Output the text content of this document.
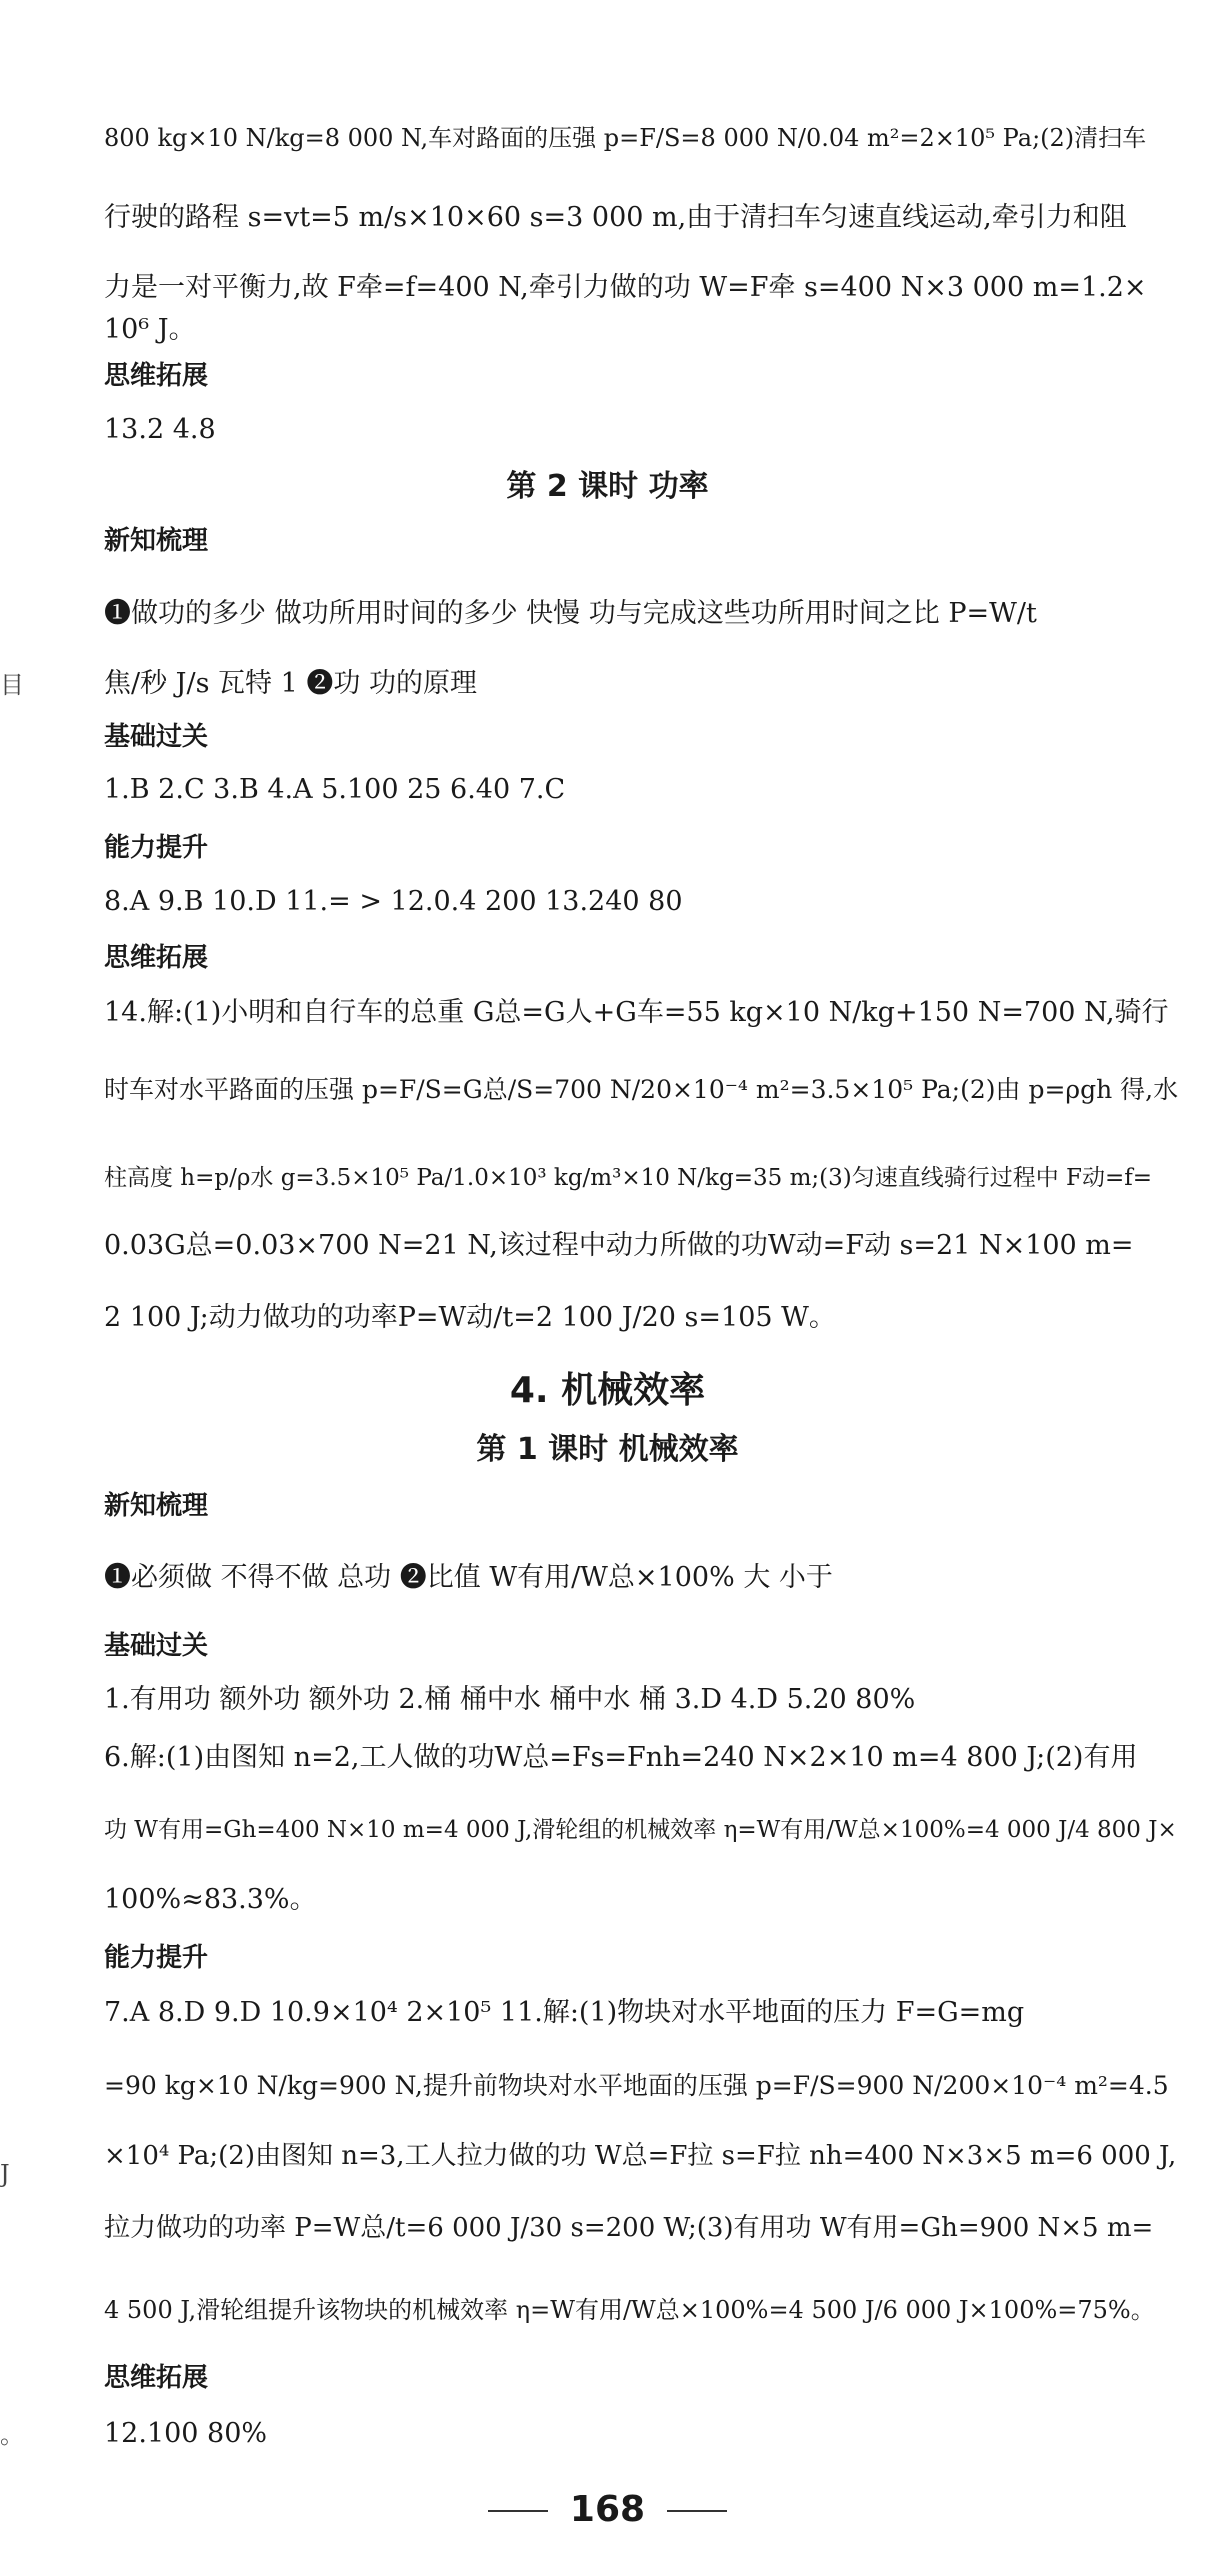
800 kg×10 N/kg=8 000 N,车对路面的压强 p=F/S=8 000 N/0.04 m²=2×10⁵ Pa;(2)清扫车
行驶的路程 s=vt=5 m/s×10×60 s=3 000 m,由于清扫车匀速直线运动,牵引力和阻
力是一对平衡力,故 F牵=f=400 N,牵引力做的功 W=F牵 s=400 N×3 000 m=1.2×
10⁶ J。
思维拓展
13.2 4.8
第 2 课时 功率
新知梳理
❶做功的多少 做功所用时间的多少 快慢 功与完成这些功所用时间之比 P=W/t
焦/秒 J/s 瓦特 1 ❷功 功的原理
基础过关
1.B 2.C 3.B 4.A 5.100 25 6.40 7.C
能力提升
8.A 9.B 10.D 11.= > 12.0.4 200 13.240 80
思维拓展
14.解:(1)小明和自行车的总重 G总=G人+G车=55 kg×10 N/kg+150 N=700 N,骑行
时车对水平路面的压强 p=F/S=G总/S=700 N/20×10⁻⁴ m²=3.5×10⁵ Pa;(2)由 p=ρgh 得,水
柱高度 h=p/ρ水 g=3.5×10⁵ Pa/1.0×10³ kg/m³×10 N/kg=35 m;(3)匀速直线骑行过程中 F动=f=
0.03G总=0.03×700 N=21 N,该过程中动力所做的功W动=F动 s=21 N×100 m=
2 100 J;动力做功的功率P=W动/t=2 100 J/20 s=105 W。
4. 机械效率
第 1 课时 机械效率
新知梳理
❶必须做 不得不做 总功 ❷比值 W有用/W总×100% 大 小于
基础过关
1.有用功 额外功 额外功 2.桶 桶中水 桶中水 桶 3.D 4.D 5.20 80%
6.解:(1)由图知 n=2,工人做的功W总=Fs=Fnh=240 N×2×10 m=4 800 J;(2)有用
功 W有用=Gh=400 N×10 m=4 000 J,滑轮组的机械效率 η=W有用/W总×100%=4 000 J/4 800 J×
100%≈83.3%。
能力提升
7.A 8.D 9.D 10.9×10⁴ 2×10⁵ 11.解:(1)物块对水平地面的压力 F=G=mg
=90 kg×10 N/kg=900 N,提升前物块对水平地面的压强 p=F/S=900 N/200×10⁻⁴ m²=4.5
×10⁴ Pa;(2)由图知 n=3,工人拉力做的功 W总=F拉 s=F拉 nh=400 N×3×5 m=6 000 J,
拉力做功的功率 P=W总/t=6 000 J/30 s=200 W;(3)有用功 W有用=Gh=900 N×5 m=
4 500 J,滑轮组提升该物块的机械效率 η=W有用/W总×100%=4 500 J/6 000 J×100%=75%。
思维拓展
12.100 80%
目
J
。
168
